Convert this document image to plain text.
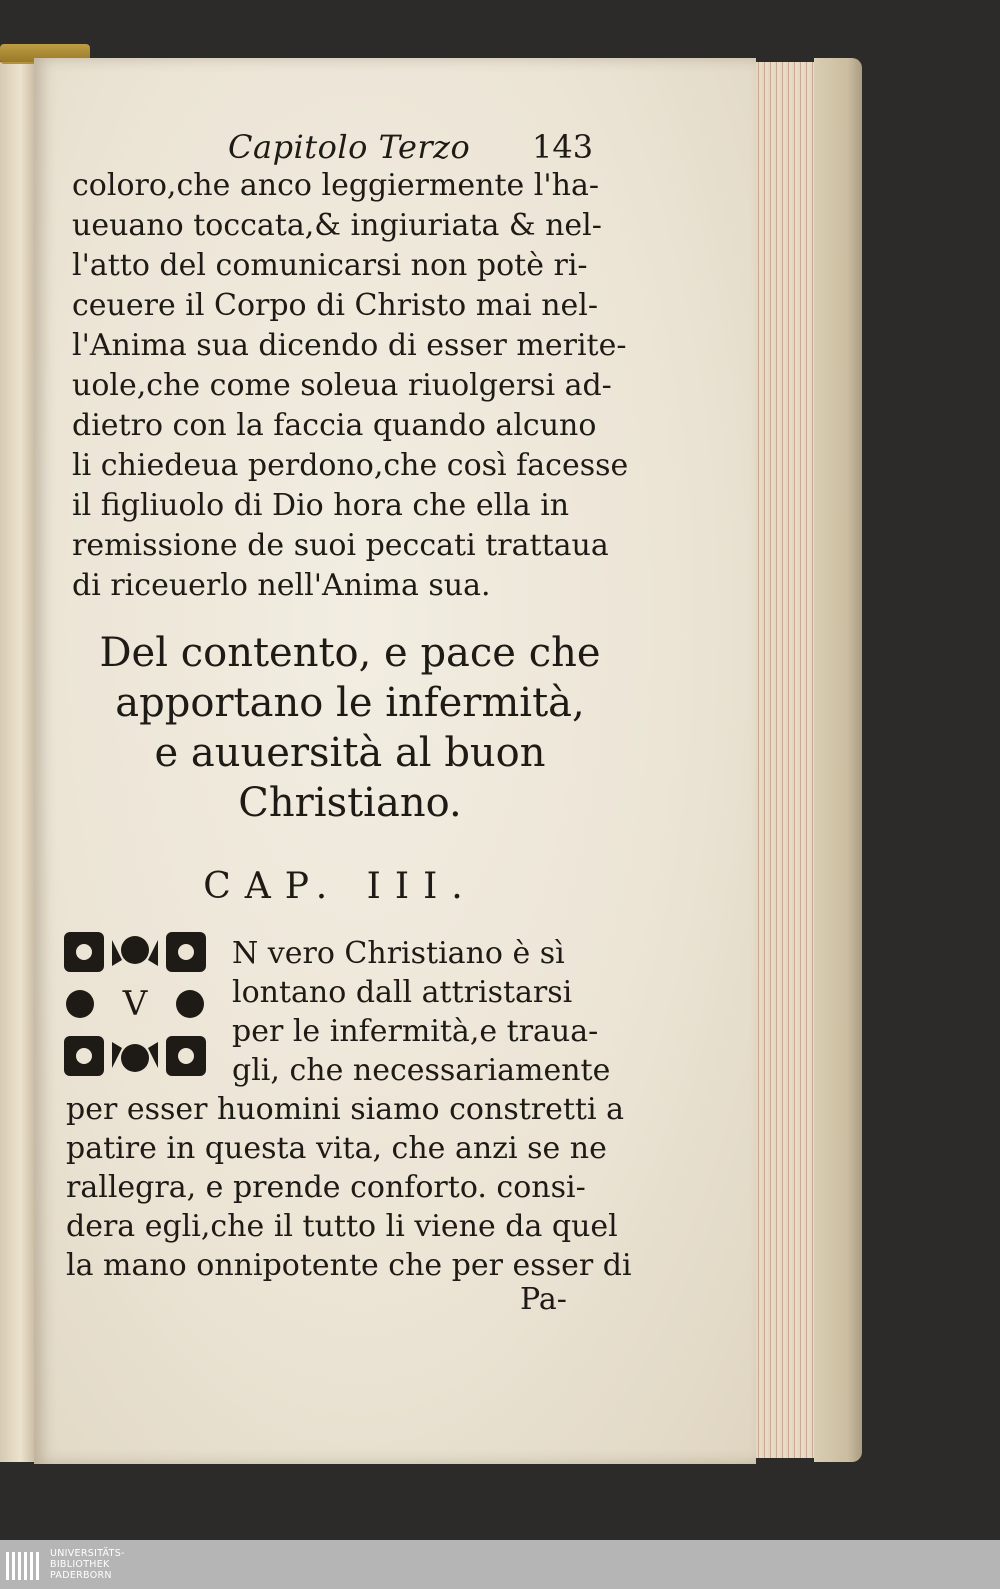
Capitolo Terzo 143
coloro,che anco leggiermente l'ha-
ueuano toccata,& ingiuriata & nel-
l'atto del comunicarsi non potè ri-
ceuere il Corpo di Christo mai nel-
l'Anima sua dicendo di esser merite-
uole,che come soleua riuolgersi ad-
dietro con la faccia quando alcuno
li chiedeua perdono,che così facesse
il figliuolo di Dio hora che ella in
remissione de suoi peccati trattaua
di riceuerlo nell'Anima sua.
Del contento, e pace che
apportano le infermità,
e auuersità al buon
Christiano.
CAP. III.
V
N vero Christiano è sì
lontano dall attristarsi
per le infermità,e traua-
gli, che necessariamente
per esser huomini siamo constretti a
patire in questa vita, che anzi se ne
rallegra, e prende conforto. consi-
dera egli,che il tutto li viene da quel
la mano onnipotente che per esser di
Pa-
UNIVERSITÄTS-
BIBLIOTHEK
PADERBORN
